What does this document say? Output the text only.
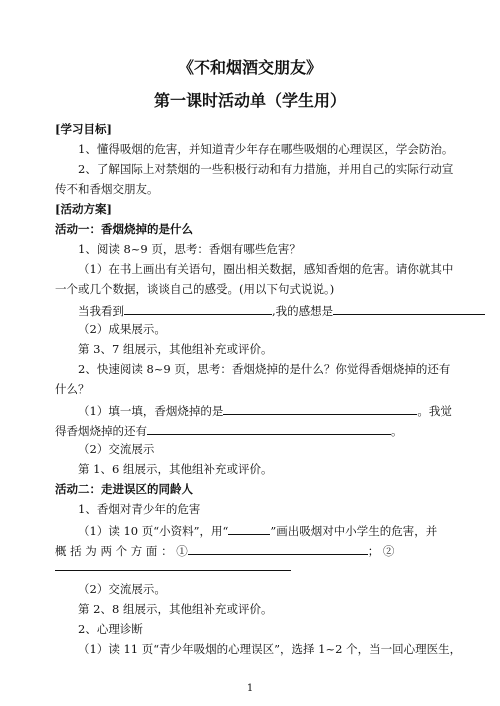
《不和烟酒交朋友》
第一课时活动单（学生用）
[学习目标]
1、懂得吸烟的危害，并知道青少年存在哪些吸烟的心理误区，学会防治。
2、了解国际上对禁烟的一些积极行动和有力措施，并用自己的实际行动宣
传不和香烟交朋友。
[活动方案]
活动一：香烟烧掉的是什么
1、阅读 8~9 页，思考：香烟有哪些危害？
（1）在书上画出有关语句，圈出相关数据，感知香烟的危害。请你就其中
一个或几个数据，谈谈自己的感受。(用以下句式说说。)
当我看到	,我的感想是
（2）成果展示。
第 3、7 组展示，其他组补充或评价。
2、快速阅读 8~9 页，思考：香烟烧掉的是什么？你觉得香烟烧掉的还有
什么？
（1）填一填，香烟烧掉的是	。我觉
得香烟烧掉的还有	。
（2）交流展示
第 1、6 组展示，其他组补充或评价。
活动二：走进误区的同龄人
1、香烟对青少年的危害
（1）读 10 页“小资料”，用“	”画出吸烟对中小学生的危害，并
概 括 为 两 个 方 面 ： ①	； ②
（2）交流展示。
第 2、8 组展示，其他组补充或评价。
2、心理诊断
（1）读 11 页“青少年吸烟的心理误区”，选择 1~2 个，当一回心理医生，
1
